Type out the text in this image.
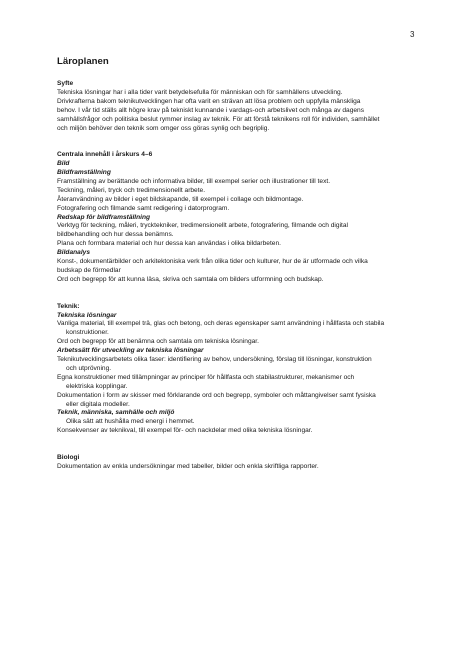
3
Läroplanen

Syfte

Tekniska lösningar har i alla tider varit betydelsefulla för människan och för samhällens utveckling.

Drivkrafterna bakom teknikutvecklingen har ofta varit en strävan att lösa problem och uppfylla mänskliga

behov. I vår tid ställs allt högre krav på tekniskt kunnande i vardags-och arbetslivet och många av dagens

samhällsfrågor och politiska beslut rymmer inslag av teknik. För att förstå teknikens roll för individen, samhället

och miljön behöver den teknik som omger oss göras synlig och begriplig.

Centrala innehåll i årskurs 4–6

Bild

Bildframställning

Framställning av berättande och informativa bilder, till exempel serier och illustrationer till text.

Teckning, måleri, tryck och tredimensionellt arbete.

Återanvändning av bilder i eget bildskapande, till exempel i collage och bildmontage.

Fotografering och filmande samt redigering i datorprogram.

Redskap för bildframställning

Verktyg för teckning, måleri, trycktekniker, tredimensionellt arbete, fotografering, filmande och digital

bildbehandling och hur dessa benämns.

Plana och formbara material och hur dessa kan användas i olika bildarbeten.

Bildanalys

Konst-, dokumentärbilder och arkitektoniska verk från olika tider och kulturer, hur de är utformade och vilka

budskap de förmedlar

Ord och begrepp för att kunna läsa, skriva och samtala om bilders utformning och budskap.

Teknik:

Tekniska lösningar

Vanliga material, till exempel trä, glas och betong, och deras egenskaper samt användning i hållfasta och stabila

konstruktioner.

Ord och begrepp för att benämna och samtala om tekniska lösningar.

Arbetssätt för utveckling av tekniska lösningar

Teknikutvecklingsarbetets olika faser: identifiering av behov, undersökning, förslag till lösningar, konstruktion

och utprövning.

Egna konstruktioner med tillämpningar av principer för hållfasta och stabilastrukturer, mekanismer och

elektriska kopplingar.

Dokumentation i form av skisser med förklarande ord och begrepp, symboler och måttangivelser samt fysiska

eller digitala modeller.

Teknik, människa, samhälle och miljö

Olika sätt att hushålla med energi i hemmet.

Konsekvenser av teknikval, till exempel för- och nackdelar med olika tekniska lösningar.

Biologi

Dokumentation av enkla undersökningar med tabeller, bilder och enkla skriftliga rapporter.
